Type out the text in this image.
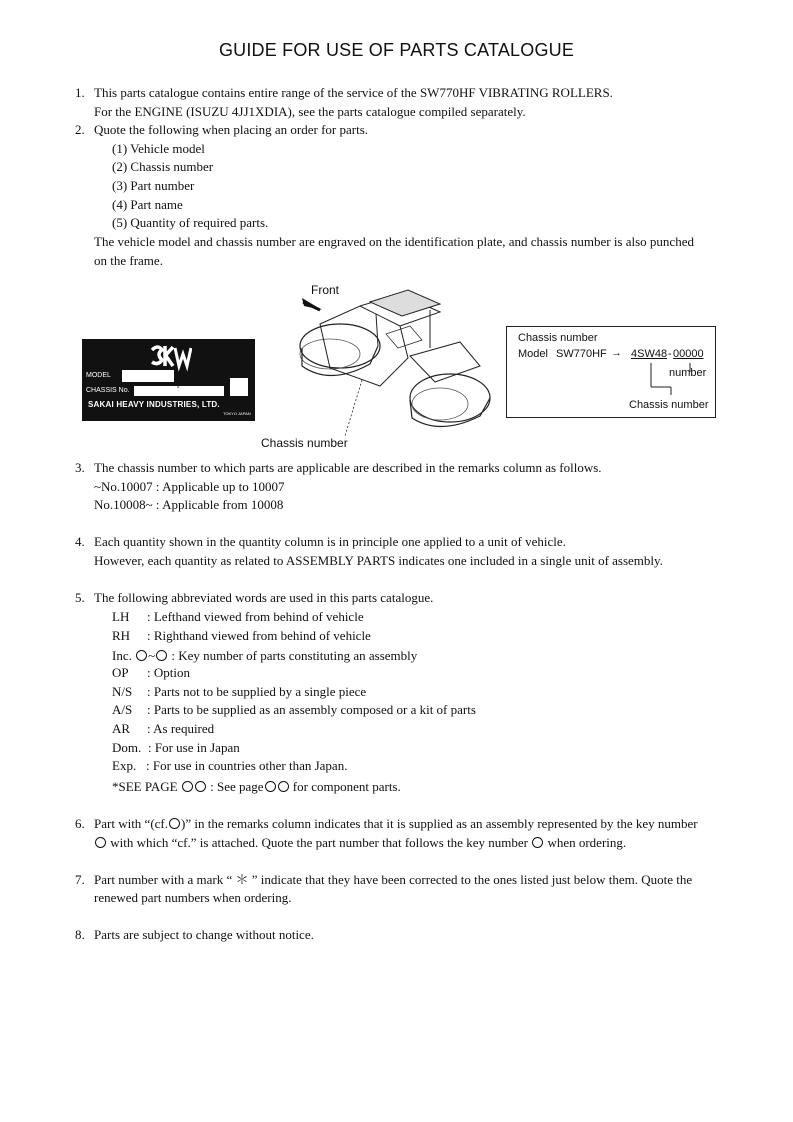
GUIDE FOR USE OF PARTS CATALOGUE
1. This parts catalogue contains entire range of the service of the SW770HF VIBRATING ROLLERS.
For the ENGINE (ISUZU 4JJ1XDIA), see the parts catalogue compiled separately.
2. Quote the following when placing an order for parts.
(1) Vehicle model
(2) Chassis number
(3) Part number
(4) Part name
(5) Quantity of required parts.
The vehicle model and chassis number are engraved on the identification plate, and chassis number is also punched
on the frame.
MODEL
CHASSIS No.	-
SAKAI HEAVY INDUSTRIES, LTD.
TOKYO JAPAN
Front
Chassis number
Chassis number
Model SW770HF → 4SW48 - 00000
number
Chassis number
3. The chassis number to which parts are applicable are described in the remarks column as follows.
~No.10007 : Applicable up to 10007
No.10008~ : Applicable from 10008
4. Each quantity shown in the quantity column is in principle one applied to a unit of vehicle.
However, each quantity as related to ASSEMBLY PARTS indicates one included in a single unit of assembly.
5. The following abbreviated words are used in this parts catalogue.
LH : Lefthand viewed from behind of vehicle
RH : Righthand viewed from behind of vehicle
Inc. ~ : Key number of parts constituting an assembly
OP : Option
N/S : Parts not to be supplied by a single piece
A/S : Parts to be supplied as an assembly composed or a kit of parts
AR : As required
Dom. : For use in Japan
Exp. : For use in countries other than Japan.
*SEE PAGE	: See page for component parts.
6. Part with “(cf. )” in the remarks column indicates that it is supplied as an assembly represented by the key number
with which “cf.” is attached. Quote the part number that follows the key number when ordering.
7. Part number with a mark “ ＊ ” indicate that they have been corrected to the ones listed just below them. Quote the
renewed part numbers when ordering.
8. Parts are subject to change without notice.
